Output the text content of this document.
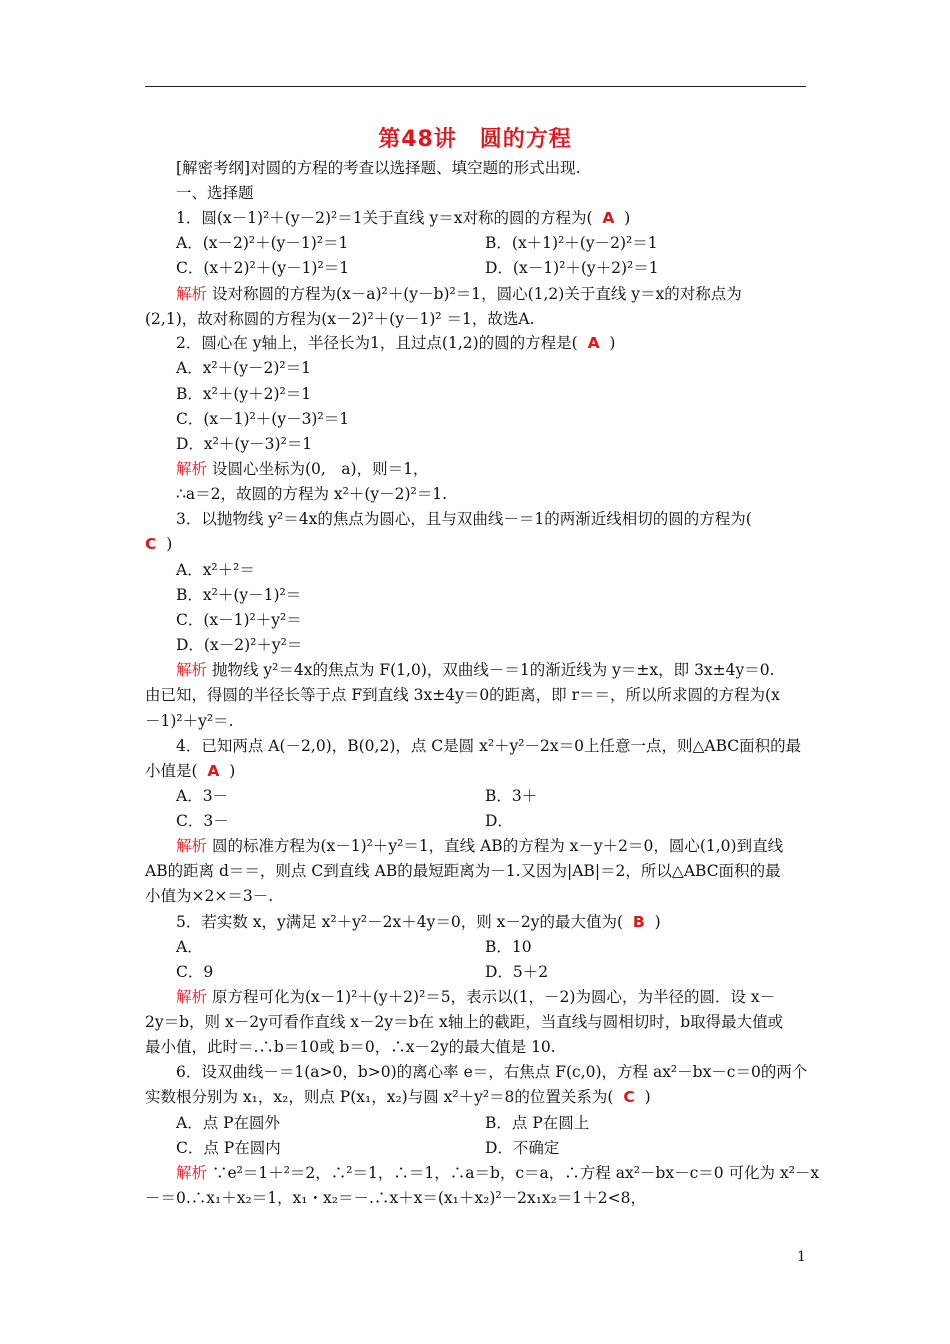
第48讲　圆的方程
[解密考纲]对圆的方程的考查以选择题、填空题的形式出现.
一、选择题
1．圆(x－1)²＋(y－2)²＝1关于直线 y＝x对称的圆的方程为( A )
A．(x－2)²＋(y－1)²＝1	B．(x＋1)²＋(y－2)²＝1
C．(x＋2)²＋(y－1)²＝1	D．(x－1)²＋(y＋2)²＝1
解析 设对称圆的方程为(x－a)²＋(y－b)²＝1，圆心(1,2)关于直线 y＝x的对称点为
(2,1)，故对称圆的方程为(x－2)²＋(y－1)² ＝1，故选A.
2．圆心在 y轴上，半径长为1，且过点(1,2)的圆的方程是( A )
A．x²＋(y－2)²＝1
B．x²＋(y＋2)²＝1
C．(x－1)²＋(y－3)²＝1
D．x²＋(y－3)²＝1
解析 设圆心坐标为(0,　a)，则＝1，
∴a＝2，故圆的方程为 x²＋(y－2)²＝1.
3．以抛物线 y²＝4x的焦点为圆心，且与双曲线－＝1的两渐近线相切的圆的方程为(
C )
A．x²＋²＝
B．x²＋(y－1)²＝
C．(x－1)²＋y²＝
D．(x－2)²＋y²＝
解析 抛物线 y²＝4x的焦点为 F(1,0)，双曲线－＝1的渐近线为 y＝±x，即 3x±4y＝0.
由已知，得圆的半径长等于点 F到直线 3x±4y＝0的距离，即 r＝＝，所以所求圆的方程为(x
－1)²＋y²＝.
4．已知两点 A(－2,0)，B(0,2)，点 C是圆 x²＋y²－2x＝0上任意一点，则△ABC面积的最
小值是( A )
A．3－	B．3＋
C．3－	D．
解析 圆的标准方程为(x－1)²＋y²＝1，直线 AB的方程为 x－y＋2＝0，圆心(1,0)到直线
AB的距离 d＝＝，则点 C到直线 AB的最短距离为－1.又因为|AB|＝2，所以△ABC面积的最
小值为×2×＝3－.
5．若实数 x，y满足 x²＋y²－2x＋4y＝0，则 x－2y的最大值为( B )
A．	B．10
C．9	D．5＋2
解析 原方程可化为(x－1)²＋(y＋2)²＝5，表示以(1，－2)为圆心，为半径的圆．设 x－
2y＝b，则 x－2y可看作直线 x－2y＝b在 x轴上的截距，当直线与圆相切时，b取得最大值或
最小值，此时＝.∴b＝10或 b＝0，∴x－2y的最大值是 10.
6．设双曲线－＝1(a>0，b>0)的离心率 e＝，右焦点 F(c,0)，方程 ax²－bx－c＝0的两个
实数根分别为 x₁，x₂，则点 P(x₁，x₂)与圆 x²＋y²＝8的位置关系为( C )
A．点 P在圆外	B．点 P在圆上
C．点 P在圆内	D．不确定
解析 ∵e²＝1＋²＝2，∴²＝1，∴＝1，∴a＝b，c＝a，∴方程 ax²－bx－c＝0 可化为 x²－x
－＝0.∴x₁＋x₂＝1，x₁・x₂＝－.∴x＋x＝(x₁＋x₂)²－2x₁x₂＝1＋2<8，
1
